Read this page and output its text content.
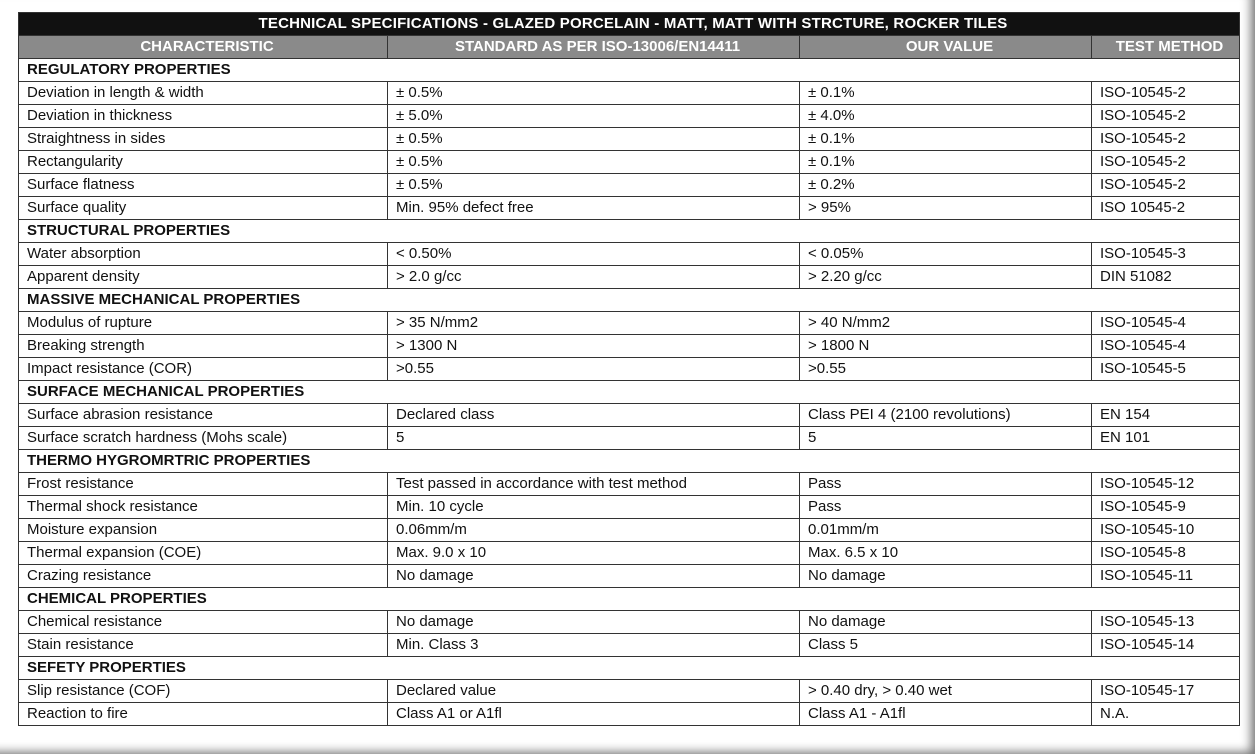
TECHNICAL SPECIFICATIONS - GLAZED PORCELAIN - MATT, MATT WITH STRCTURE, ROCKER TILES			
CHARACTERISTIC	STANDARD AS PER ISO-13006/EN14411	OUR VALUE	TEST METHOD
REGULATORY PROPERTIES			
Deviation in length & width	± 0.5%	± 0.1%	ISO-10545-2
Deviation in thickness	± 5.0%	± 4.0%	ISO-10545-2
Straightness in sides	± 0.5%	± 0.1%	ISO-10545-2
Rectangularity	± 0.5%	± 0.1%	ISO-10545-2
Surface flatness	± 0.5%	± 0.2%	ISO-10545-2
Surface quality	Min. 95% defect free	> 95%	ISO 10545-2
STRUCTURAL PROPERTIES			
Water absorption	< 0.50%	< 0.05%	ISO-10545-3
Apparent density	> 2.0 g/cc	> 2.20 g/cc	DIN 51082
MASSIVE MECHANICAL PROPERTIES			
Modulus of rupture	> 35 N/mm2	> 40 N/mm2	ISO-10545-4
Breaking strength	> 1300 N	> 1800 N	ISO-10545-4
Impact resistance (COR)	>0.55	>0.55	ISO-10545-5
SURFACE MECHANICAL PROPERTIES			
Surface abrasion resistance	Declared class	Class PEI 4 (2100 revolutions)	EN 154
Surface scratch hardness (Mohs scale)	5	5	EN 101
THERMO HYGROMRTRIC PROPERTIES			
Frost resistance	Test passed in accordance with test method	Pass	ISO-10545-12
Thermal shock resistance	Min. 10 cycle	Pass	ISO-10545-9
Moisture expansion	0.06mm/m	0.01mm/m	ISO-10545-10
Thermal expansion (COE)	Max. 9.0 x 10	Max. 6.5 x 10	ISO-10545-8
Crazing resistance	No damage	No damage	ISO-10545-11
CHEMICAL PROPERTIES			
Chemical resistance	No damage	No damage	ISO-10545-13
Stain resistance	Min. Class 3	Class 5	ISO-10545-14
SEFETY PROPERTIES			
Slip resistance (COF)	Declared value	> 0.40 dry, > 0.40 wet	ISO-10545-17
Reaction to fire	Class A1 or A1fl	Class A1 - A1fl	N.A.
